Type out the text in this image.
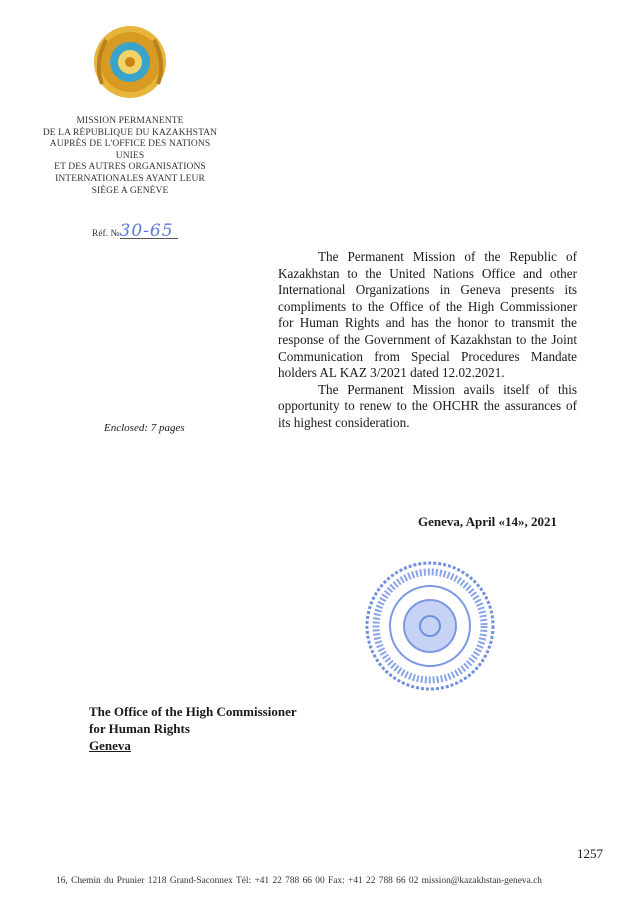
MISSION PERMANENTE
DE LA RÉPUBLIQUE DU KAZAKHSTAN
AUPRÈS DE L'OFFICE DES NATIONS UNIES
ET DES AUTRES ORGANISATIONS
INTERNATIONALES AYANT LEUR
SIÈGE A GENÈVE
Réf. №30-65

The Permanent Mission of the Republic of Kazakhstan to the United Nations Office and other International Organizations in Geneva presents its compliments to the Office of the High Commissioner for Human Rights and has the honor to transmit the response of the Government of Kazakhstan to the Joint Communication from Special Procedures Mandate holders AL KAZ 3/2021 dated 12.02.2021.

The Permanent Mission avails itself of this opportunity to renew to the OHCHR the assurances of its highest consideration.

Enclosed: 7 pages
Geneva, April «14», 2021
The Office of the High Commissioner
for Human Rights
Geneva
1257
16, Chemin du Prunier 1218 Grand-Saconnex Tél: +41 22 788 66 00 Fax: +41 22 788 66 02 mission@kazakhstan-geneva.ch
